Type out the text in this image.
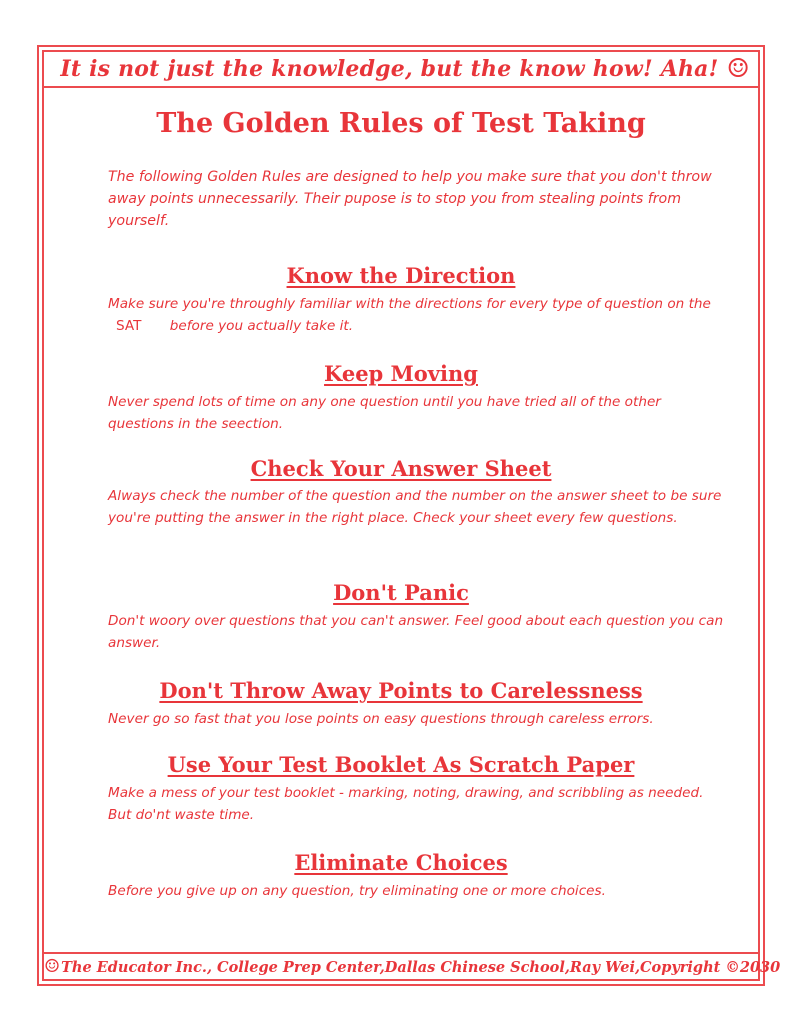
It is not just the knowledge, but the know how! Aha! ☺
The Golden Rules of Test Taking
The following Golden Rules are designed to help you make sure that you don't throw away points unnecessarily. Their pupose is to stop you from stealing points from yourself.
Know the Direction
Make sure you're throughly familiar with the directions for every type of question on the SAT before you actually take it.
Keep Moving
Never spend lots of time on any one question until you have tried all of the other questions in the seection.
Check Your Answer Sheet
Always check the number of the question and the number on the answer sheet to be sure you're putting the answer in the right place. Check your sheet every few questions.
Don't Panic
Don't woory over questions that you can't answer. Feel good about each question you can answer.
Don't Throw Away Points to Carelessness
Never go so fast that you lose points on easy questions through careless errors.
Use Your Test Booklet As Scratch Paper
Make a mess of your test booklet - marking, noting, drawing, and scribbling as needed. But do'nt waste time.
Eliminate Choices
Before you give up on any question, try eliminating one or more choices.
☺ The Educator Inc., College Prep Center,Dallas Chinese School,Ray Wei,Copyright ©2030
